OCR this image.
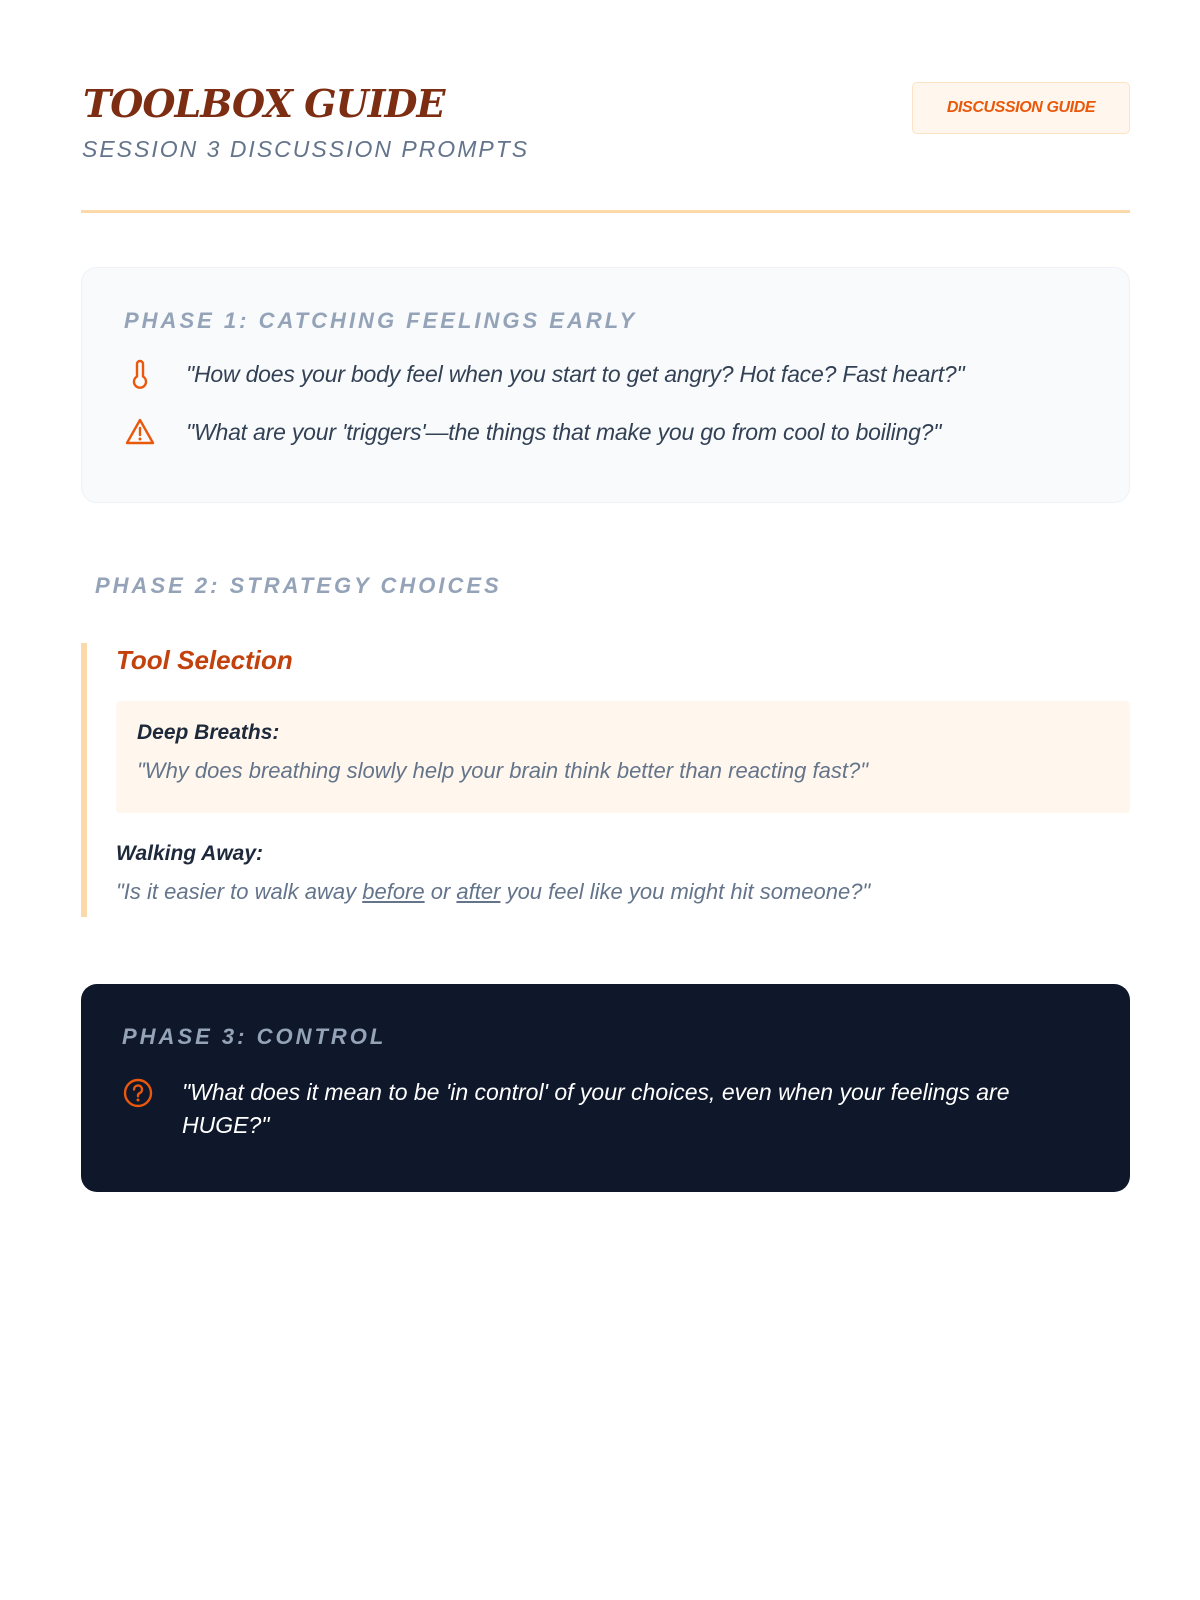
TOOLBOX GUIDE
SESSION 3 DISCUSSION PROMPTS
DISCUSSION GUIDE
PHASE 1: CATCHING FEELINGS EARLY
"How does your body feel when you start to get angry? Hot face? Fast heart?"
"What are your 'triggers'—the things that make you go from cool to boiling?"
PHASE 2: STRATEGY CHOICES
Tool Selection
Deep Breaths:
"Why does breathing slowly help your brain think better than reacting fast?"
Walking Away:
"Is it easier to walk away before or after you feel like you might hit someone?"
PHASE 3: CONTROL
"What does it mean to be 'in control' of your choices, even when your feelings are HUGE?"
